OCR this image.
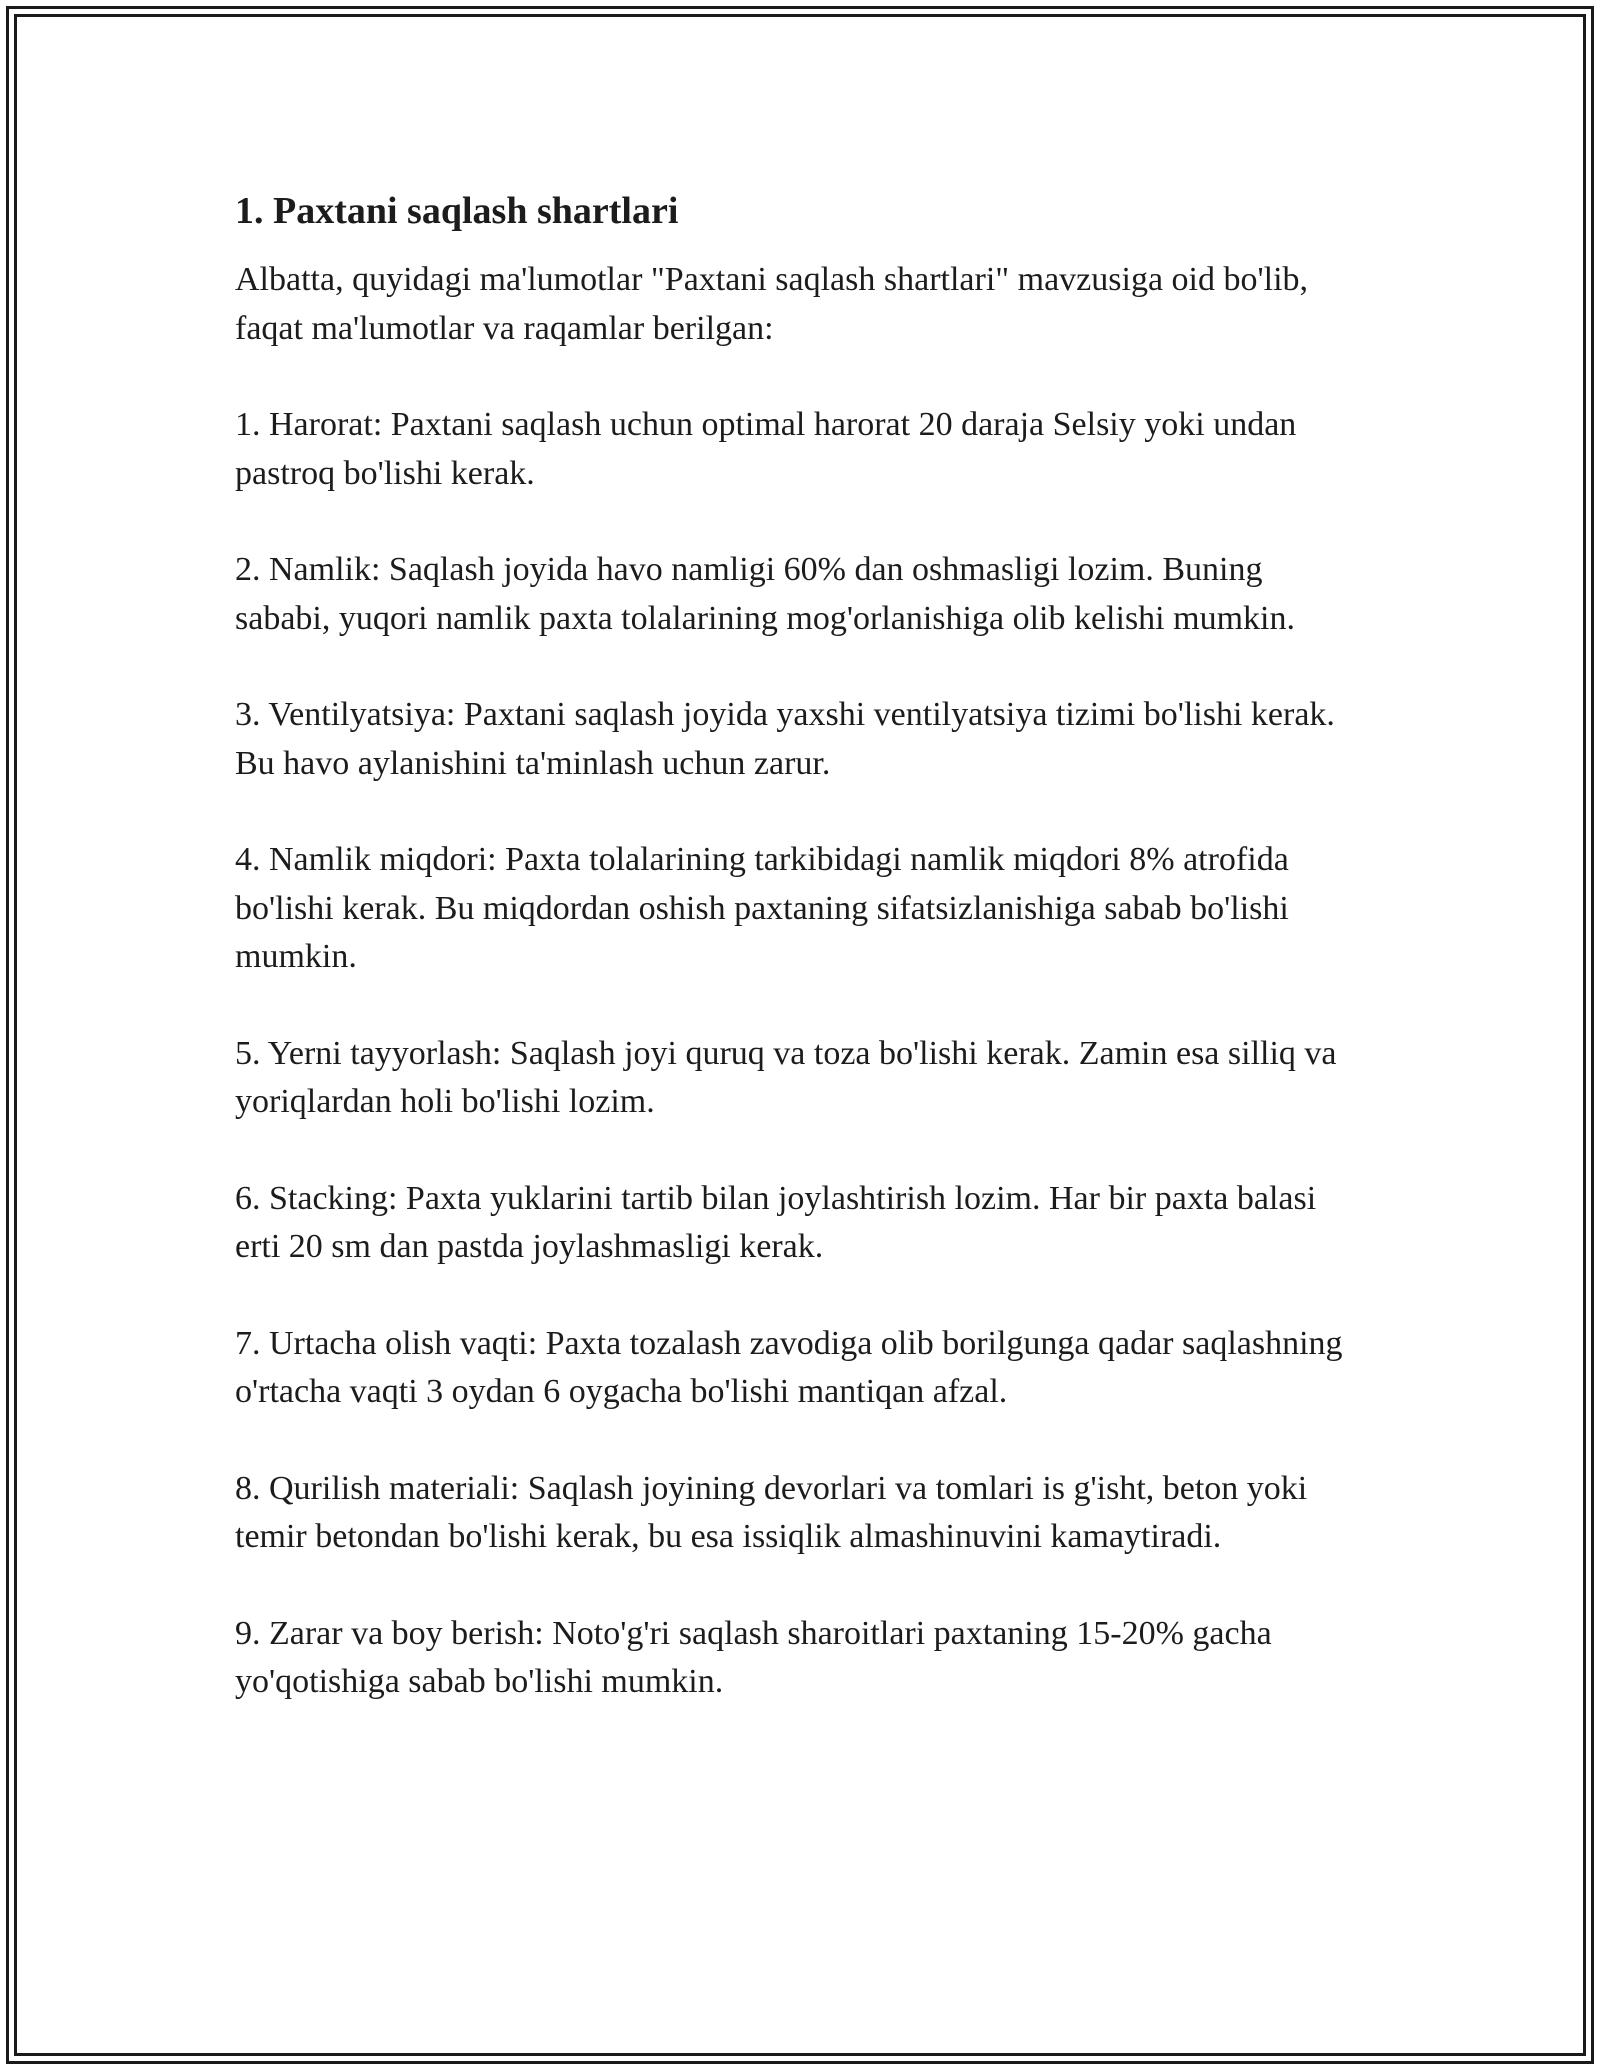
1. Paxtani saqlash shartlari

Albatta, quyidagi ma'lumotlar "Paxtani saqlash shartlari" mavzusiga oid bo'lib, faqat ma'lumotlar va raqamlar berilgan:

1. Harorat: Paxtani saqlash uchun optimal harorat 20 daraja Selsiy yoki undan pastroq bo'lishi kerak.

2. Namlik: Saqlash joyida havo namligi 60% dan oshmasligi lozim. Buning sababi, yuqori namlik paxta tolalarining mog'orlanishiga olib kelishi mumkin.

3. Ventilyatsiya: Paxtani saqlash joyida yaxshi ventilyatsiya tizimi bo'lishi kerak. Bu havo aylanishini ta'minlash uchun zarur.

4. Namlik miqdori: Paxta tolalarining tarkibidagi namlik miqdori 8% atrofida bo'lishi kerak. Bu miqdordan oshish paxtaning sifatsizlanishiga sabab bo'lishi mumkin.

5. Yerni tayyorlash: Saqlash joyi quruq va toza bo'lishi kerak. Zamin esa silliq va yoriqlardan holi bo'lishi lozim.

6. Stacking: Paxta yuklarini tartib bilan joylashtirish lozim. Har bir paxta balasi erti 20 sm dan pastda joylashmasligi kerak.

7. Urtacha olish vaqti: Paxta tozalash zavodiga olib borilgunga qadar saqlashning o'rtacha vaqti 3 oydan 6 oygacha bo'lishi mantiqan afzal.

8. Qurilish materiali: Saqlash joyining devorlari va tomlari is g'isht, beton yoki temir betondan bo'lishi kerak, bu esa issiqlik almashinuvini kamaytiradi.

9. Zarar va boy berish: Noto'g'ri saqlash sharoitlari paxtaning 15-20% gacha yo'qotishiga sabab bo'lishi mumkin.
